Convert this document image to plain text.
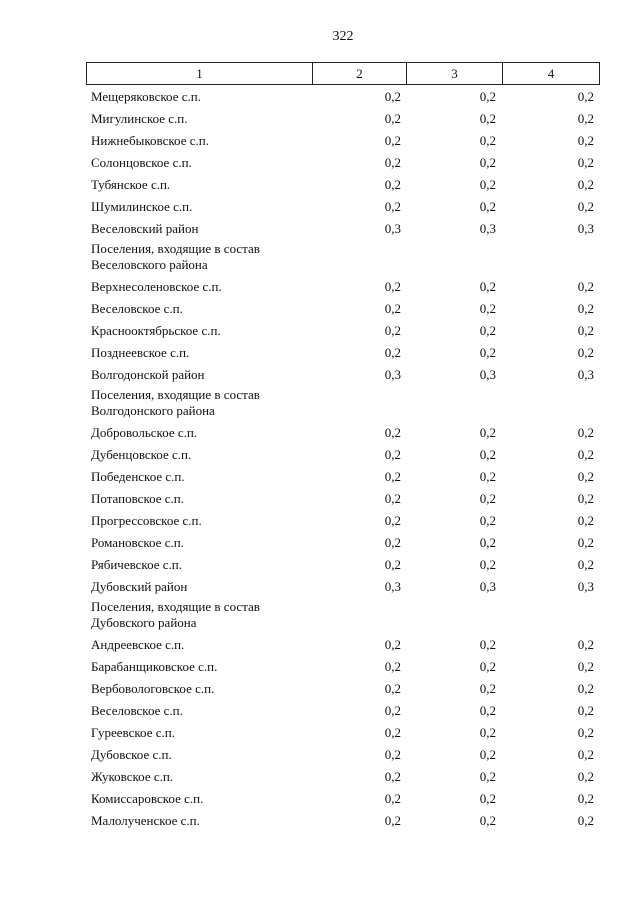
322
1	2	3	4
Мещеряковское с.п.	0,2	0,2	0,2
Мигулинское с.п.	0,2	0,2	0,2
Нижнебыковское с.п.	0,2	0,2	0,2
Солонцовское с.п.	0,2	0,2	0,2
Тубянское с.п.	0,2	0,2	0,2
Шумилинское с.п.	0,2	0,2	0,2
Веселовский район	0,3	0,3	0,3
Поселения, входящие в состав Веселовского района
Верхнесоленовское с.п.	0,2	0,2	0,2
Веселовское с.п.	0,2	0,2	0,2
Краснооктябрьское с.п.	0,2	0,2	0,2
Позднеевское с.п.	0,2	0,2	0,2
Волгодонской район	0,3	0,3	0,3
Поселения, входящие в состав Волгодонского района
Добровольское с.п.	0,2	0,2	0,2
Дубенцовское с.п.	0,2	0,2	0,2
Победенское с.п.	0,2	0,2	0,2
Потаповское с.п.	0,2	0,2	0,2
Прогрессовское с.п.	0,2	0,2	0,2
Романовское с.п.	0,2	0,2	0,2
Рябичевское с.п.	0,2	0,2	0,2
Дубовский район	0,3	0,3	0,3
Поселения, входящие в состав Дубовского района
Андреевское с.п.	0,2	0,2	0,2
Барабанщиковское с.п.	0,2	0,2	0,2
Вербовологовское с.п.	0,2	0,2	0,2
Веселовское с.п.	0,2	0,2	0,2
Гуреевское с.п.	0,2	0,2	0,2
Дубовское с.п.	0,2	0,2	0,2
Жуковское с.п.	0,2	0,2	0,2
Комиссаровское с.п.	0,2	0,2	0,2
Малолученское с.п.	0,2	0,2	0,2
